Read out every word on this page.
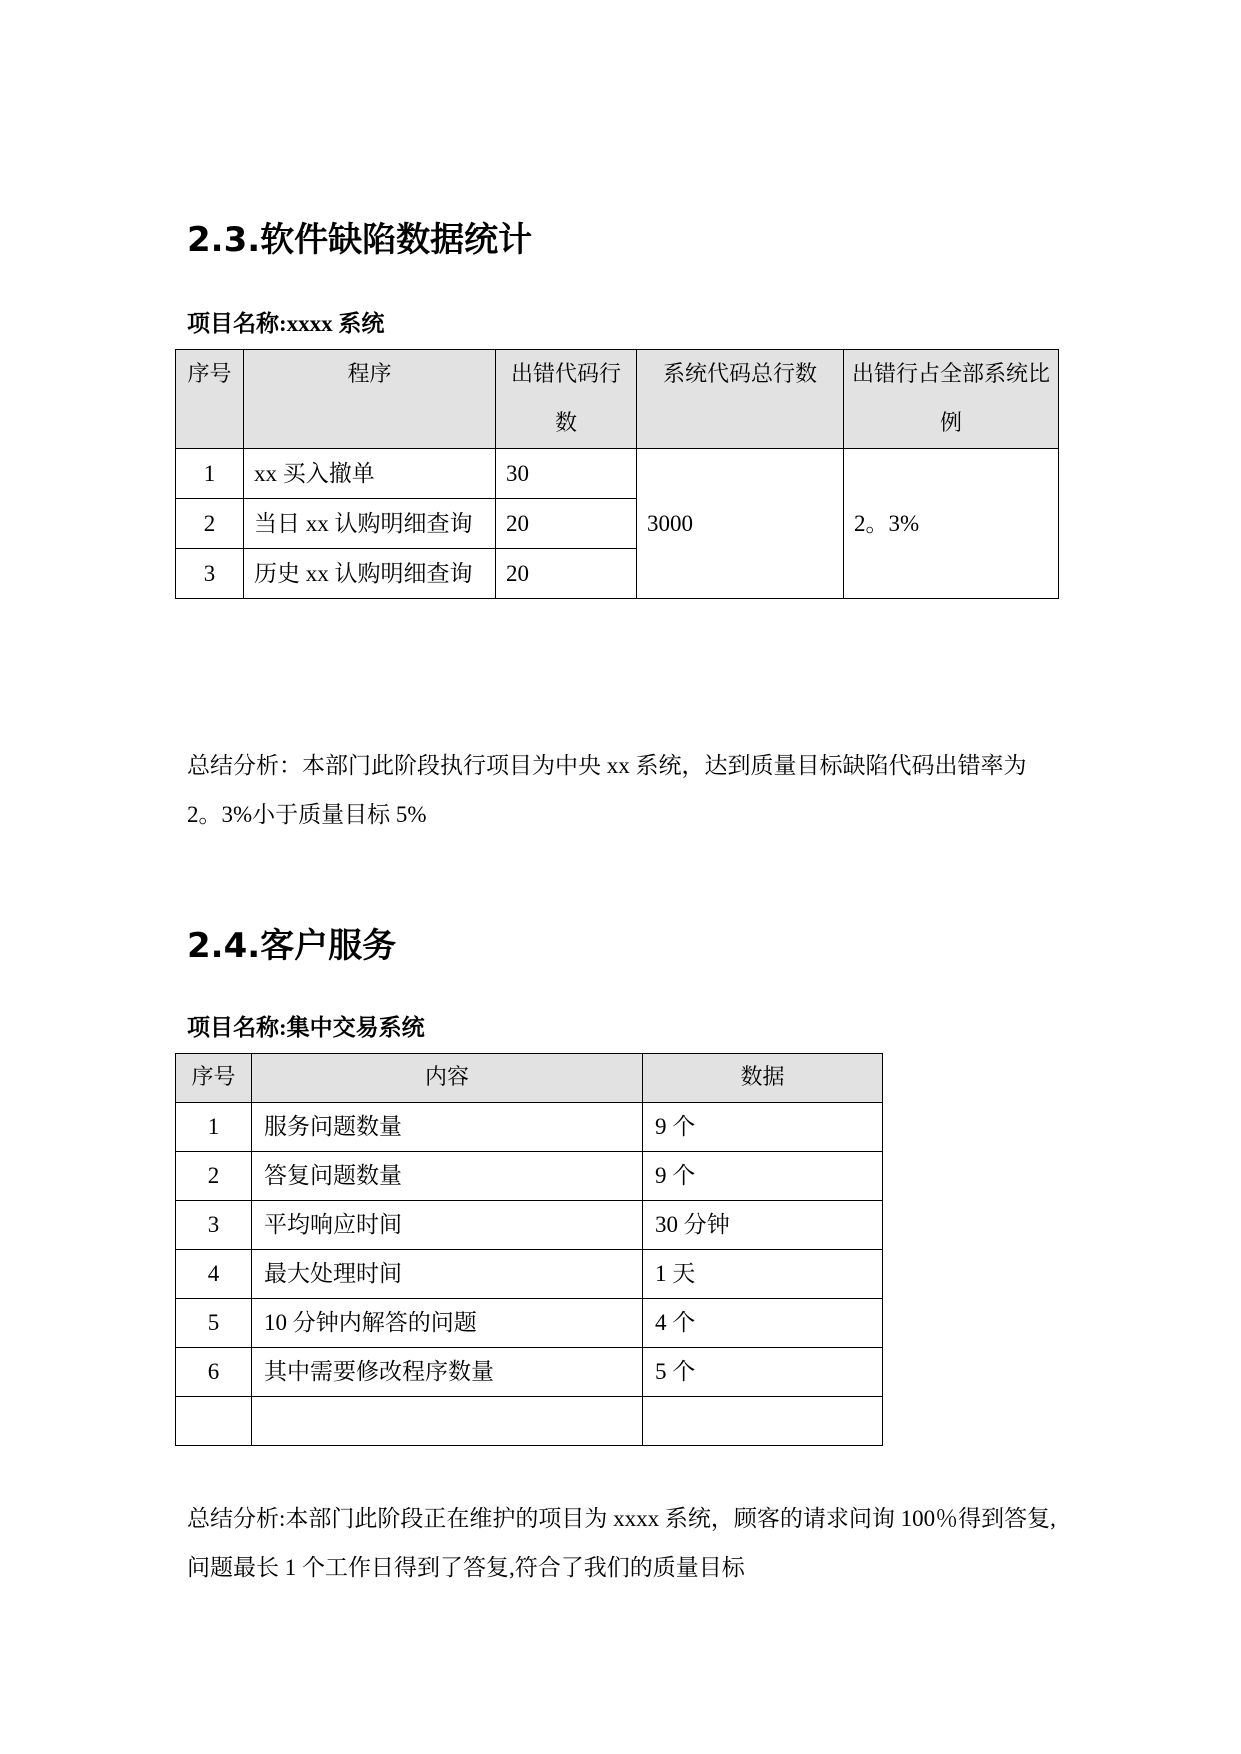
2.3.软件缺陷数据统计

项目名称:xxxx 系统

序号	程序	出错代码行数	系统代码总行数	出错行占全部系统比例
1	xx 买入撤单	30	3000	2。3%
2	当日 xx 认购明细查询	20		
3	历史 xx 认购明细查询	20		

总结分析：本部门此阶段执行项目为中央 xx 系统，达到质量目标缺陷代码出错率为 2。3%小于质量目标 5%

2.4.客户服务

项目名称:集中交易系统

序号	内容	数据
1	服务问题数量	9 个
2	答复问题数量	9 个
3	平均响应时间	30 分钟
4	最大处理时间	1 天
5	10 分钟内解答的问题	4 个
6	其中需要修改程序数量	5 个

总结分析:本部门此阶段正在维护的项目为 xxxx 系统，顾客的请求问询 100％得到答复,问题最长 1 个工作日得到了答复,符合了我们的质量目标
